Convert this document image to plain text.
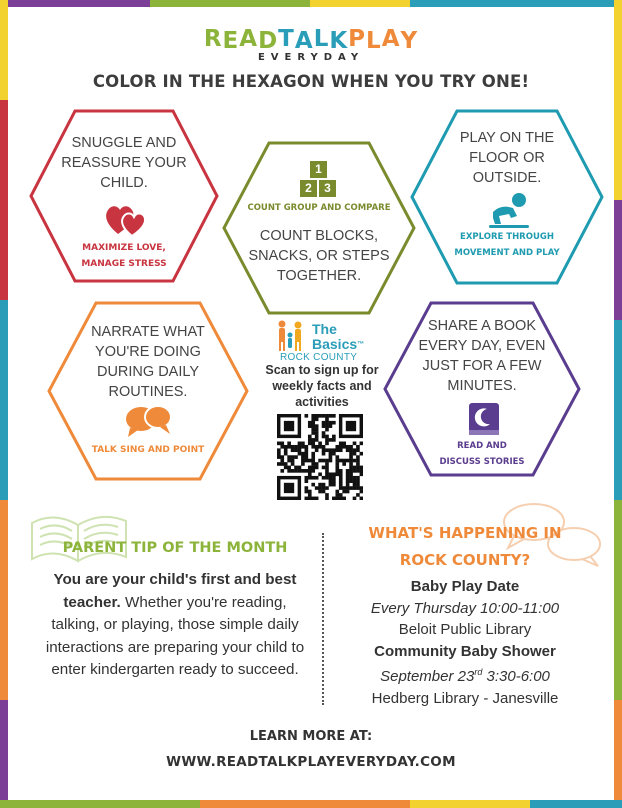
READTALKPLAY
EVERYDAY
COLOR IN THE HEXAGON WHEN YOU TRY ONE!
SNUGGLE AND
REASSURE YOUR
CHILD.
MAXIMIZE LOVE,
MANAGE STRESS
1
2	3
COUNT GROUP AND COMPARE
COUNT BLOCKS,
SNACKS, OR STEPS
TOGETHER.
PLAY ON THE
FLOOR OR
OUTSIDE.
EXPLORE THROUGH
MOVEMENT AND PLAY
NARRATE WHAT
YOU'RE DOING
DURING DAILY
ROUTINES.
TALK SING AND POINT
SHARE A BOOK
EVERY DAY, EVEN
JUST FOR A FEW
MINUTES.
READ AND
DISCUSS STORIES
The
Basics™
ROCK COUNTY
Scan to sign up for
weekly facts and
activities
PARENT TIP OF THE MONTH
You are your child's first and best teacher. Whether you're reading, talking, or playing, those simple daily interactions are preparing your child to enter kindergarten ready to succeed.
WHAT'S HAPPENING IN
ROCK COUNTY?
Baby Play Date
Every Thursday 10:00-11:00
Beloit Public Library
Community Baby Shower
September 23rd 3:30-6:00
Hedberg Library - Janesville
LEARN MORE AT:
WWW.READTALKPLAYEVERYDAY.COM
